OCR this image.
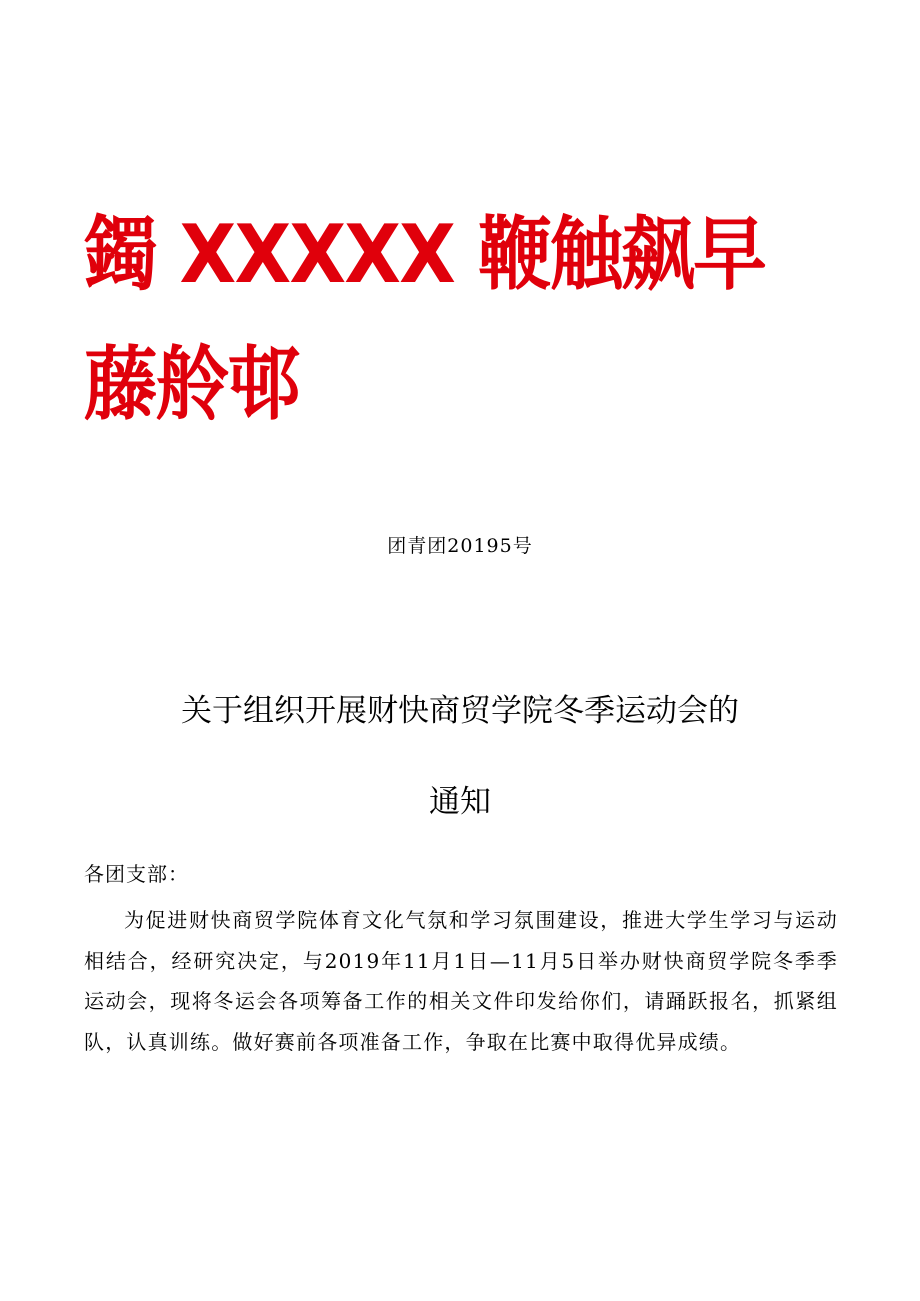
鐲 XXXXX 鞭触飙早藤舲邨
团青团20195号
关于组织开展财快商贸学院冬季运动会的
通知
各团支部：
为促进财快商贸学院体育文化气氛和学习氛围建设，推进大学生学习与运动相结合，经研究决定，与2019年11月1日—11月5日举办财快商贸学院冬季季运动会，现将冬运会各项筹备工作的相关文件印发给你们，请踊跃报名，抓紧组队，认真训练。做好赛前各项准备工作，争取在比赛中取得优异成绩。
